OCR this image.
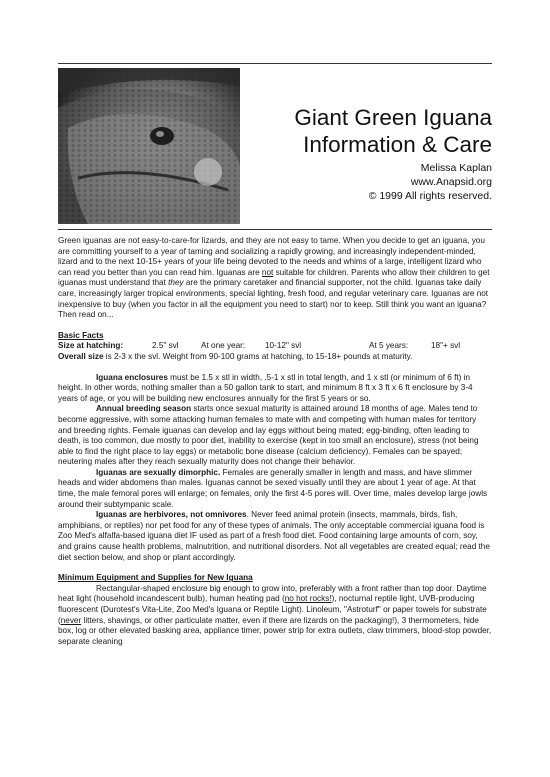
Giant Green Iguana
Information & Care
Melissa Kaplan
www.Anapsid.org
© 1999 All rights reserved.

Green iguanas are not easy-to-care-for lizards, and they are not easy to tame. When you decide to get an iguana, you are committing yourself to a year of taming and socializing a rapidly growing, and increasingly independent-minded, lizard and to the next 10-15+ years of your life being devoted to the needs and whims of a large, intelligent lizard who can read you better than you can read him. Iguanas are not suitable for children. Parents who allow their children to get iguanas must understand that they are the primary caretaker and financial supporter, not the child. Iguanas take daily care, increasingly larger tropical environments, special lighting, fresh food, and regular veterinary care. Iguanas are not inexpensive to buy (when you factor in all the equipment you need to start) nor to keep. Still think you want an iguana? Then read on...

Basic Facts

Size at hatching:	2.5" svl	At one year:	10-12" svl	At 5 years:	18"+ svl

Overall size is 2-3 x the svl. Weight from 90-100 grams at hatching, to 15-18+ pounds at maturity.

Iguana enclosures must be 1.5 x stl in width, .5-1 x stl in total length, and 1 x stl (or minimum of 6 ft) in height. In other words, nothing smaller than a 50 gallon tank to start, and minimum 8 ft x 3 ft x 6 ft enclosure by 3-4 years of age, or you will be building new enclosures annually for the first 5 years or so.

Annual breeding season starts once sexual maturity is attained around 18 months of age. Males tend to become aggressive, with some attacking human females to mate with and competing with human males for territory and breeding rights. Female iguanas can develop and lay eggs without being mated; egg-binding, often leading to death, is too common, due mostly to poor diet, inability to exercise (kept in too small an enclosure), stress (not being able to find the right place to lay eggs) or metabolic bone disease (calcium deficiency). Females can be spayed; neutering males after they reach sexually maturity does not change their behavior.

Iguanas are sexually dimorphic. Females are generally smaller in length and mass, and have slimmer heads and wider abdomens than males. Iguanas cannot be sexed visually until they are about 1 year of age. At that time, the male femoral pores will enlarge; on females, only the first 4-5 pores will. Over time, males develop large jowls around their subtympanic scale.

Iguanas are herbivores, not omnivores. Never feed animal protein (insects, mammals, birds, fish, amphibians, or reptiles) nor pet food for any of these types of animals. The only acceptable commercial iguana food is Zoo Med's alfalfa-based iguana diet IF used as part of a fresh food diet. Food containing large amounts of corn, soy, and grains cause health problems, malnutrition, and nutritional disorders. Not all vegetables are created equal; read the diet section below, and shop or plant accordingly.

Minimum Equipment and Supplies for New Iguana

Rectangular-shaped enclosure big enough to grow into, preferably with a front rather than top door. Daytime heat light (household incandescent bulb), human heating pad (no hot rocks!), nocturnal reptile light, UVB-producing fluorescent (Durotest's Vita-Lite, Zoo Med's Iguana or Reptile Light). Linoleum, "Astroturf" or paper towels for substrate (never litters, shavings, or other particulate matter, even if there are lizards on the packaging!), 3 thermometers, hide box, log or other elevated basking area, appliance timer, power strip for extra outlets, claw trimmers, blood-stop powder, separate cleaning
